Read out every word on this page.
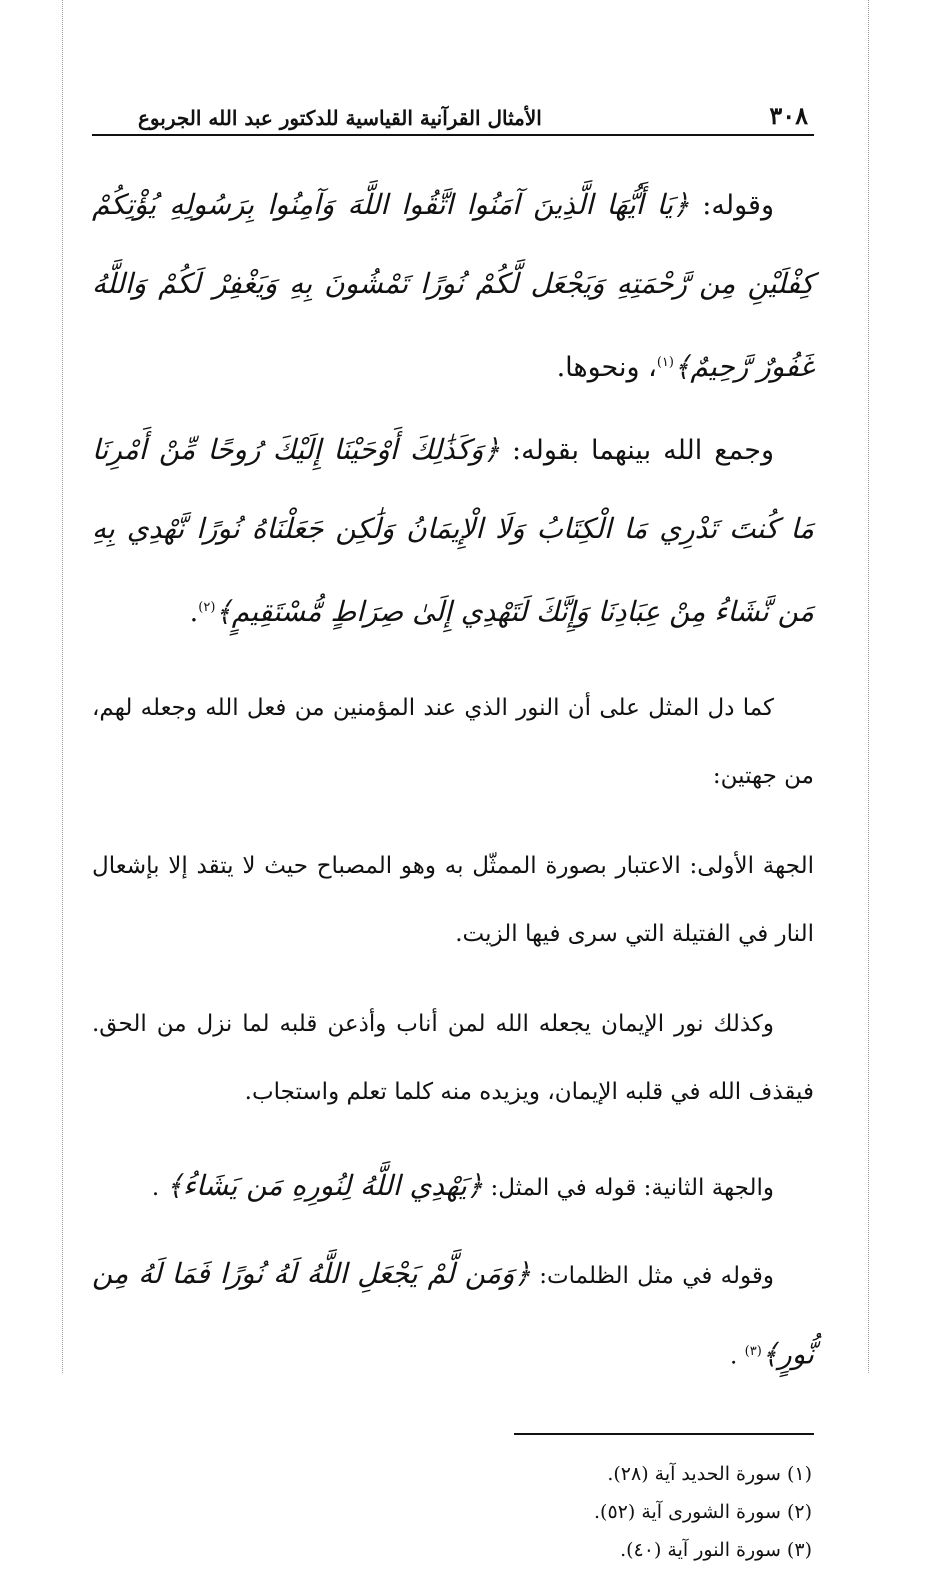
٣٠٨
الأمثال القرآنية القياسية للدكتور عبد الله الجربوع

وقوله: ﴿يَا أَيُّهَا الَّذِينَ آمَنُوا اتَّقُوا اللَّهَ وَآمِنُوا بِرَسُولِهِ يُؤْتِكُمْ كِفْلَيْنِ مِن رَّحْمَتِهِ وَيَجْعَل لَّكُمْ نُورًا تَمْشُونَ بِهِ وَيَغْفِرْ لَكُمْ وَاللَّهُ غَفُورٌ رَّحِيمٌ﴾$^{(١)}$، ونحوها.

وجمع الله بينهما بقوله: ﴿وَكَذَٰلِكَ أَوْحَيْنَا إِلَيْكَ رُوحًا مِّنْ أَمْرِنَا مَا كُنتَ تَدْرِي مَا الْكِتَابُ وَلَا الْإِيمَانُ وَلَٰكِن جَعَلْنَاهُ نُورًا نَّهْدِي بِهِ مَن نَّشَاءُ مِنْ عِبَادِنَا وَإِنَّكَ لَتَهْدِي إِلَىٰ صِرَاطٍ مُّسْتَقِيمٍ﴾$^{(٢)}$.

كما دل المثل على أن النور الذي عند المؤمنين من فعل الله وجعله لهم، من جهتين:

الجهة الأولى: الاعتبار بصورة الممثّل به وهو المصباح حيث لا يتقد إلا بإشعال النار في الفتيلة التي سرى فيها الزيت.

وكذلك نور الإيمان يجعله الله لمن أناب وأذعن قلبه لما نزل من الحق. فيقذف الله في قلبه الإيمان، ويزيده منه كلما تعلم واستجاب.

والجهة الثانية: قوله في المثل: ﴿يَهْدِي اللَّهُ لِنُورِهِ مَن يَشَاءُ﴾ .

وقوله في مثل الظلمات: ﴿وَمَن لَّمْ يَجْعَلِ اللَّهُ لَهُ نُورًا فَمَا لَهُ مِن نُّورٍ﴾$^{(٣)}$ .

(١) سورة الحديد آية (٢٨).
(٢) سورة الشورى آية (٥٢).
(٣) سورة النور آية (٤٠).
